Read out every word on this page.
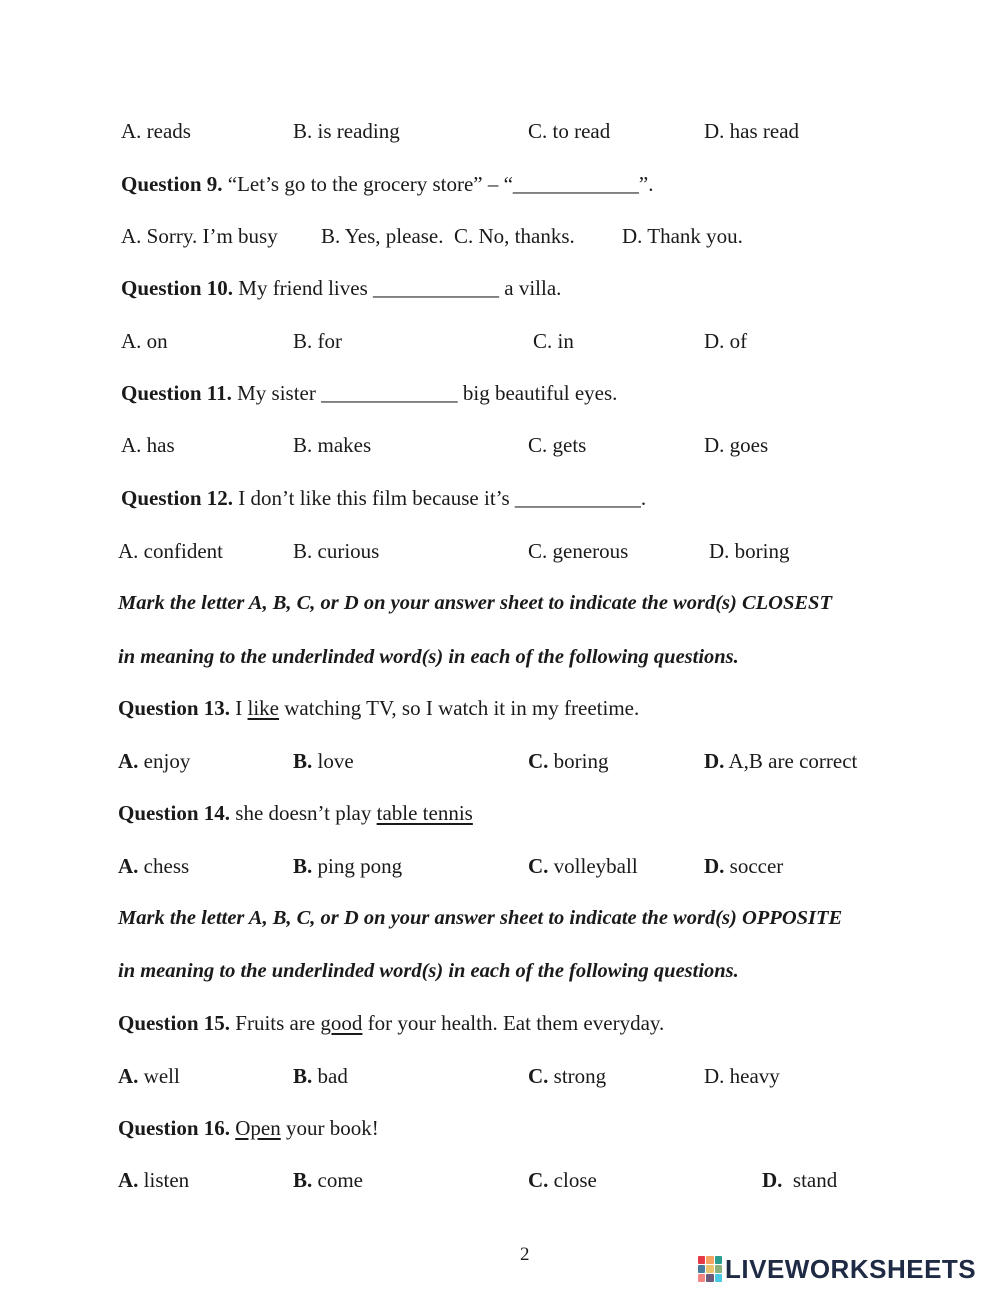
A. reads	B. is reading	C. to read	D. has read
Question 9. “Let’s go to the grocery store” – “____________”.
A. Sorry. I’m busy B. Yes, please. C. No, thanks. D. Thank you.
Question 10. My friend lives ____________ a villa.
A. on	B. for	C. in	D. of
Question 11. My sister _____________ big beautiful eyes.
A. has	B. makes	C. gets	D. goes
Question 12. I don’t like this film because it’s ____________.
A. confident	B. curious	C. generous	D. boring
Mark the letter A, B, C, or D on your answer sheet to indicate the word(s) CLOSEST
in meaning to the underlinded word(s) in each of the following questions.
Question 13. I like watching TV, so I watch it in my freetime.
A. enjoy	B. love	C. boring	D. A,B are correct
Question 14. she doesn’t play table tennis
A. chess	B. ping pong	C. volleyball	D. soccer
Mark the letter A, B, C, or D on your answer sheet to indicate the word(s) OPPOSITE
in meaning to the underlinded word(s) in each of the following questions.
Question 15. Fruits are good for your health. Eat them everyday.
A. well	B. bad	C. strong	D. heavy
Question 16. Open your book!
A. listen	B. come	C. close	D.  stand
2	LIVEWORKSHEETS
